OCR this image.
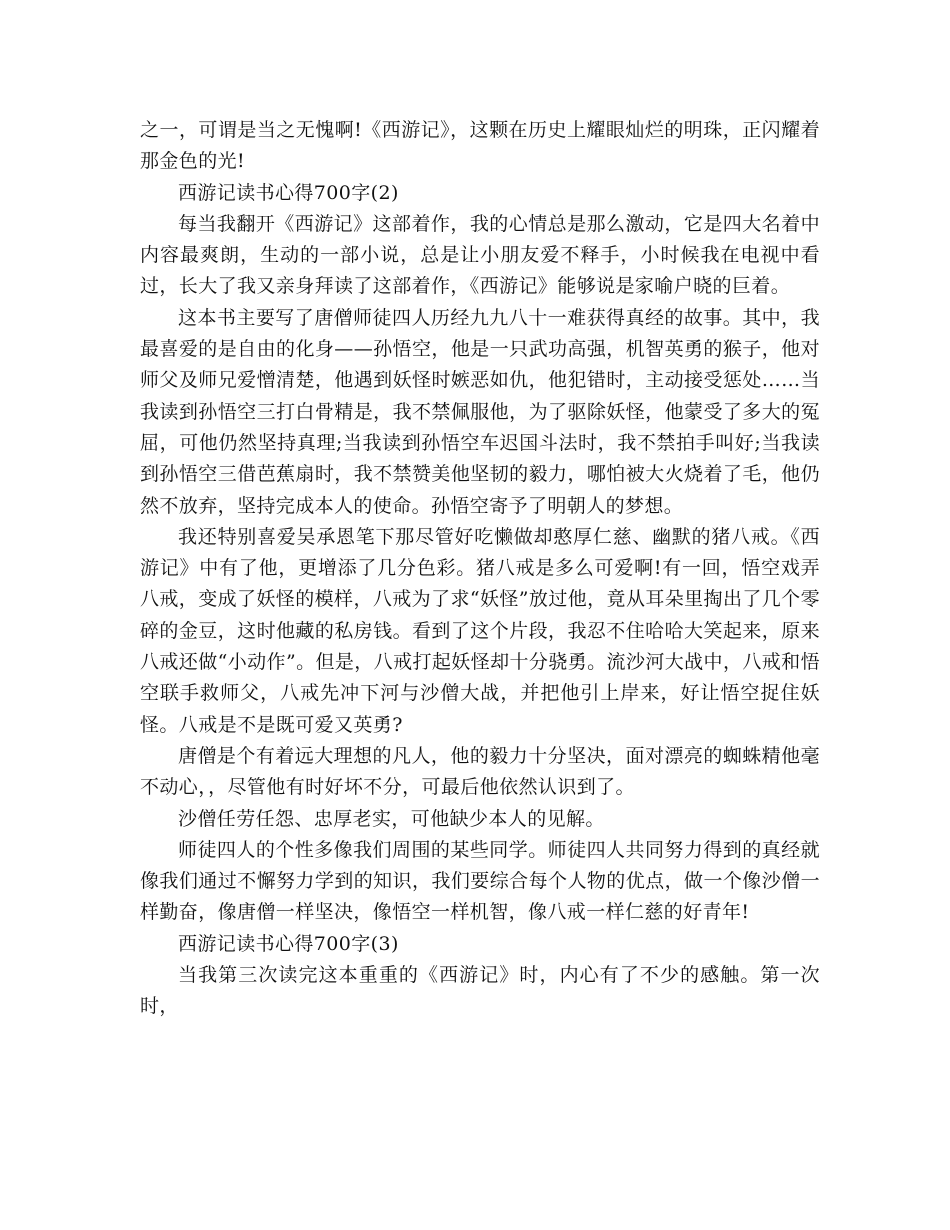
之一，可谓是当之无愧啊!《西游记》，这颗在历史上耀眼灿烂的明珠，正闪耀着那金色的光!

西游记读书心得700字(2)

每当我翻开《西游记》这部着作，我的心情总是那么激动，它是四大名着中内容最爽朗，生动的一部小说，总是让小朋友爱不释手，小时候我在电视中看过，长大了我又亲身拜读了这部着作，《西游记》能够说是家喻户晓的巨着。

这本书主要写了唐僧师徒四人历经九九八十一难获得真经的故事。其中，我最喜爱的是自由的化身——孙悟空，他是一只武功高强，机智英勇的猴子，他对师父及师兄爱憎清楚，他遇到妖怪时嫉恶如仇，他犯错时，主动接受惩处……当我读到孙悟空三打白骨精是，我不禁佩服他，为了驱除妖怪，他蒙受了多大的冤屈，可他仍然坚持真理;当我读到孙悟空车迟国斗法时，我不禁拍手叫好;当我读到孙悟空三借芭蕉扇时，我不禁赞美他坚韧的毅力，哪怕被大火烧着了毛，他仍然不放弃，坚持完成本人的使命。孙悟空寄予了明朝人的梦想。

我还特别喜爱吴承恩笔下那尽管好吃懒做却憨厚仁慈、幽默的猪八戒。《西游记》中有了他，更增添了几分色彩。猪八戒是多么可爱啊!有一回，悟空戏弄八戒，变成了妖怪的模样，八戒为了求“妖怪”放过他，竟从耳朵里掏出了几个零碎的金豆，这时他藏的私房钱。看到了这个片段，我忍不住哈哈大笑起来，原来八戒还做“小动作”。但是，八戒打起妖怪却十分骁勇。流沙河大战中，八戒和悟空联手救师父，八戒先冲下河与沙僧大战，并把他引上岸来，好让悟空捉住妖怪。八戒是不是既可爱又英勇?

唐僧是个有着远大理想的凡人，他的毅力十分坚决，面对漂亮的蜘蛛精他毫不动心，，尽管他有时好坏不分，可最后他依然认识到了。

沙僧任劳任怨、忠厚老实，可他缺少本人的见解。

师徒四人的个性多像我们周围的某些同学。师徒四人共同努力得到的真经就像我们通过不懈努力学到的知识，我们要综合每个人物的优点，做一个像沙僧一样勤奋，像唐僧一样坚决，像悟空一样机智，像八戒一样仁慈的好青年!

西游记读书心得700字(3)

当我第三次读完这本重重的《西游记》时，内心有了不少的感触。第一次时，
